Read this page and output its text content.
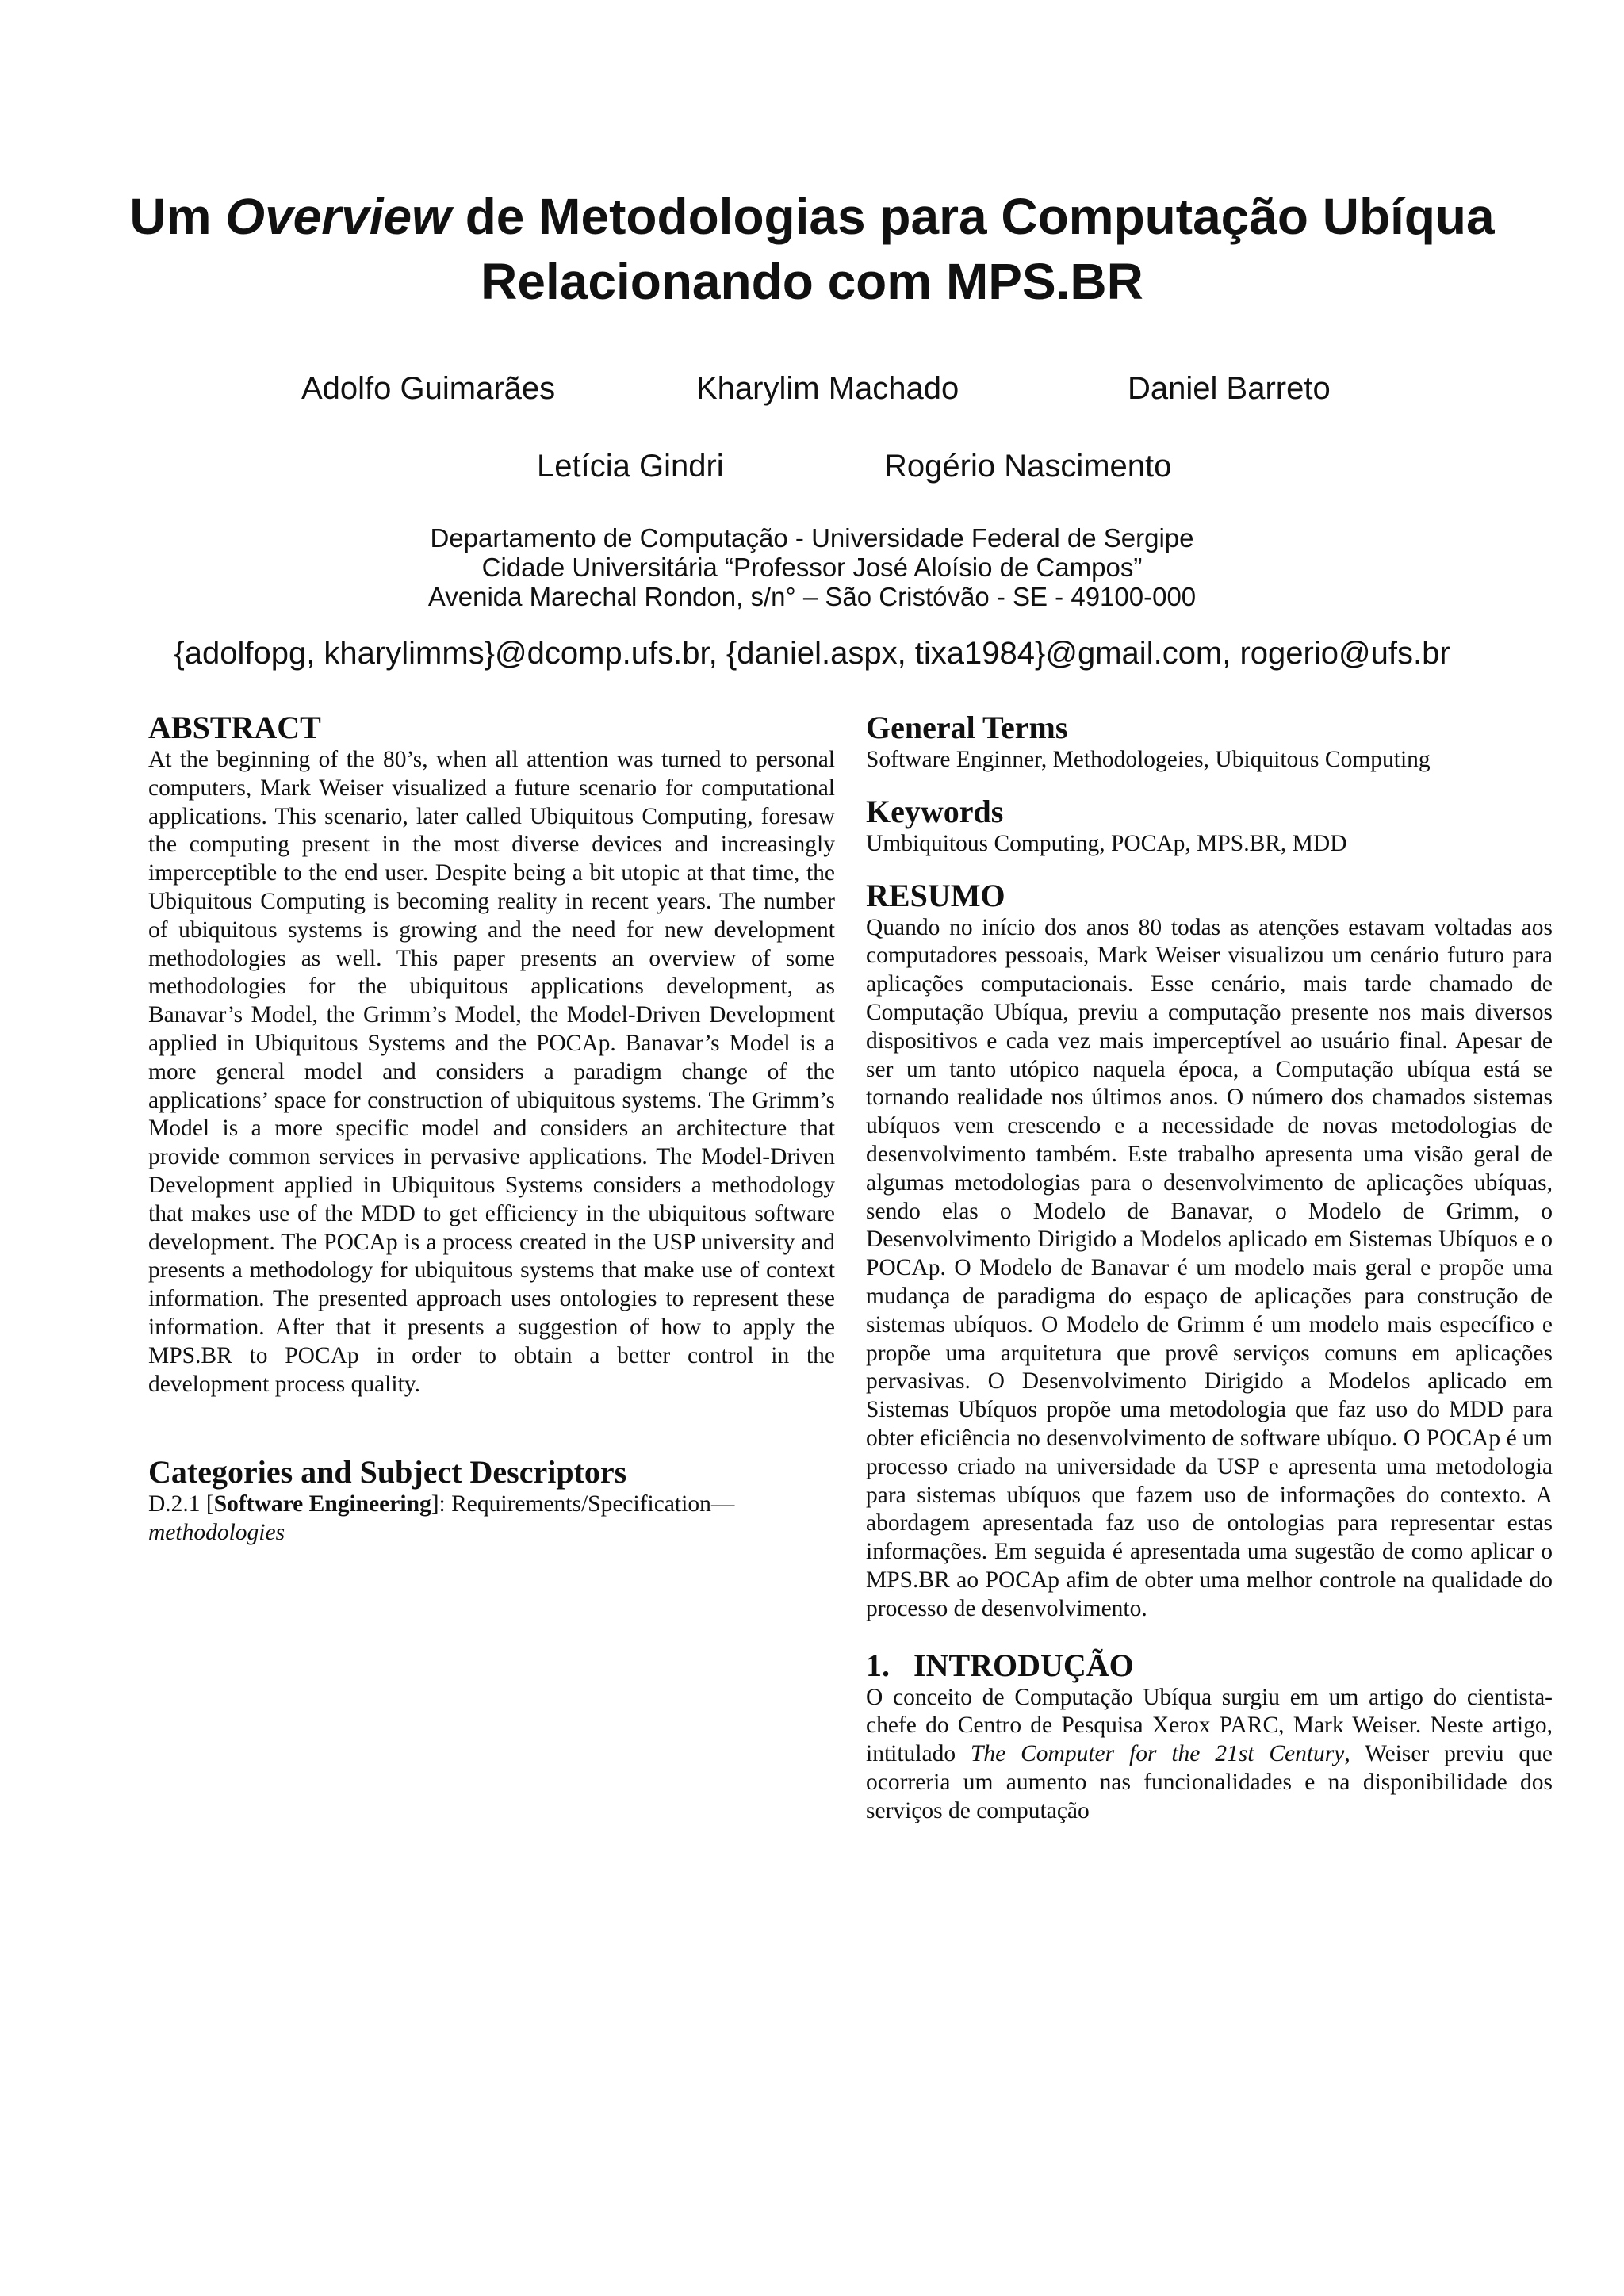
Um Overview de Metodologias para Computação Ubíqua
Relacionando com MPS.BR
Adolfo Guimarães	Kharylim Machado	Daniel Barreto
Letícia Gindri	Rogério Nascimento
Departamento de Computação - Universidade Federal de Sergipe
Cidade Universitária “Professor José Aloísio de Campos”
Avenida Marechal Rondon, s/n° – São Cristóvão - SE - 49100-000
{adolfopg, kharylimms}@dcomp.ufs.br, {daniel.aspx, tixa1984}@gmail.com, rogerio@ufs.br
ABSTRACT

At the beginning of the 80’s, when all attention was turned to personal computers, Mark Weiser visualized a future scenario for computational applications. This scenario, later called Ubiquitous Computing, foresaw the computing present in the most diverse devices and increasingly imperceptible to the end user. Despite being a bit utopic at that time, the Ubiquitous Computing is becoming reality in recent years. The number of ubiquitous systems is growing and the need for new development methodologies as well. This paper presents an overview of some methodologies for the ubiquitous applications development, as Banavar’s Model, the Grimm’s Model, the Model-Driven Development applied in Ubiquitous Systems and the POCAp. Banavar’s Model is a more general model and considers a paradigm change of the applications’ space for construction of ubiquitous systems. The Grimm’s Model is a more specific model and considers an architecture that provide common services in pervasive applications. The Model-Driven Development applied in Ubiquitous Systems considers a methodology that makes use of the MDD to get efficiency in the ubiquitous software development. The POCAp is a process created in the USP university and presents a methodology for ubiquitous systems that make use of context information. The presented approach uses ontologies to represent these information. After that it presents a suggestion of how to apply the MPS.BR to POCAp in order to obtain a better control in the development process quality.

Categories and Subject Descriptors

D.2.1 [Software Engineering]: Requirements/Specification—
methodologies

General Terms

Software Enginner, Methodologeies, Ubiquitous Computing

Keywords

Umbiquitous Computing, POCAp, MPS.BR, MDD

RESUMO

Quando no início dos anos 80 todas as atenções estavam voltadas aos computadores pessoais, Mark Weiser visualizou um cenário futuro para aplicações computacionais. Esse cenário, mais tarde chamado de Computação Ubíqua, previu a computação presente nos mais diversos dispositivos e cada vez mais imperceptível ao usuário final. Apesar de ser um tanto utópico naquela época, a Computação ubíqua está se tornando realidade nos últimos anos. O número dos chamados sistemas ubíquos vem crescendo e a necessidade de novas metodologias de desenvolvimento também. Este trabalho apresenta uma visão geral de algumas metodologias para o desenvolvimento de aplicações ubíquas, sendo elas o Modelo de Banavar, o Modelo de Grimm, o Desenvolvimento Dirigido a Modelos aplicado em Sistemas Ubíquos e o POCAp. O Modelo de Banavar é um modelo mais geral e propõe uma mudança de paradigma do espaço de aplicações para construção de sistemas ubíquos. O Modelo de Grimm é um modelo mais específico e propõe uma arquitetura que provê serviços comuns em aplicações pervasivas. O Desenvolvimento Dirigido a Modelos aplicado em Sistemas Ubíquos propõe uma metodologia que faz uso do MDD para obter eficiência no desenvolvimento de software ubíquo. O POCAp é um processo criado na universidade da USP e apresenta uma metodologia para sistemas ubíquos que fazem uso de informações do contexto. A abordagem apresentada faz uso de ontologias para representar estas informações. Em seguida é apresentada uma sugestão de como aplicar o MPS.BR ao POCAp afim de obter uma melhor controle na qualidade do processo de desenvolvimento.

1.   INTRODUÇÃO

O conceito de Computação Ubíqua surgiu em um artigo do cientista-chefe do Centro de Pesquisa Xerox PARC, Mark Weiser. Neste artigo, intitulado The Computer for the 21st Century, Weiser previu que ocorreria um aumento nas funcionalidades e na disponibilidade dos serviços de computação
